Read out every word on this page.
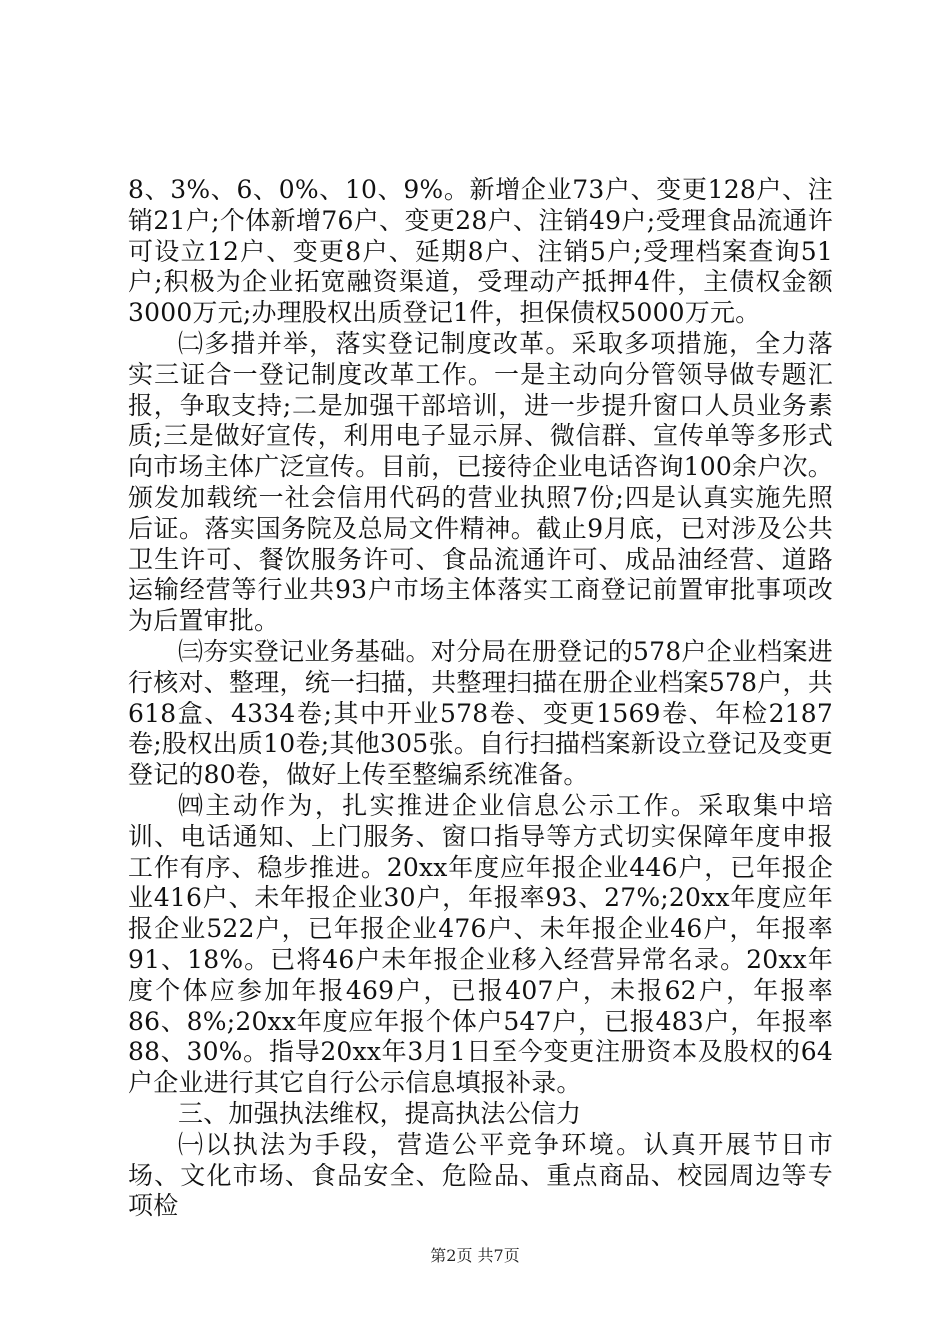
8、3%、6、0%、10、9%。新增企业73户、变更128户、注销21户;个体新增76户、变更28户、注销49户;受理食品流通许可设立12户、变更8户、延期8户、注销5户;受理档案查询51户;积极为企业拓宽融资渠道，受理动产抵押4件，主债权金额3000万元;办理股权出质登记1件，担保债权5000万元。

㈡多措并举，落实登记制度改革。采取多项措施，全力落实三证合一登记制度改革工作。一是主动向分管领导做专题汇报，争取支持;二是加强干部培训，进一步提升窗口人员业务素质;三是做好宣传，利用电子显示屏、微信群、宣传单等多形式向市场主体广泛宣传。目前，已接待企业电话咨询100余户次。颁发加载统一社会信用代码的营业执照7份;四是认真实施先照后证。落实国务院及总局文件精神。截止9月底，已对涉及公共卫生许可、餐饮服务许可、食品流通许可、成品油经营、道路运输经营等行业共93户市场主体落实工商登记前置审批事项改为后置审批。

㈢夯实登记业务基础。对分局在册登记的578户企业档案进行核对、整理，统一扫描，共整理扫描在册企业档案578户，共618盒、4334卷;其中开业578卷、变更1569卷、年检2187卷;股权出质10卷;其他305张。自行扫描档案新设立登记及变更登记的80卷，做好上传至整编系统准备。

㈣主动作为，扎实推进企业信息公示工作。采取集中培训、电话通知、上门服务、窗口指导等方式切实保障年度申报工作有序、稳步推进。20xx年度应年报企业446户，已年报企业416户、未年报企业30户，年报率93、27%;20xx年度应年报企业522户，已年报企业476户、未年报企业46户，年报率91、18%。已将46户未年报企业移入经营异常名录。20xx年度个体应参加年报469户，已报407户，未报62户，年报率86、8%;20xx年度应年报个体户547户，已报483户，年报率88、30%。指导20xx年3月1日至今变更注册资本及股权的64户企业进行其它自行公示信息填报补录。

三、加强执法维权，提高执法公信力

㈠以执法为手段，营造公平竞争环境。认真开展节日市场、文化市场、食品安全、危险品、重点商品、校园周边等专项检

第2页 共7页
